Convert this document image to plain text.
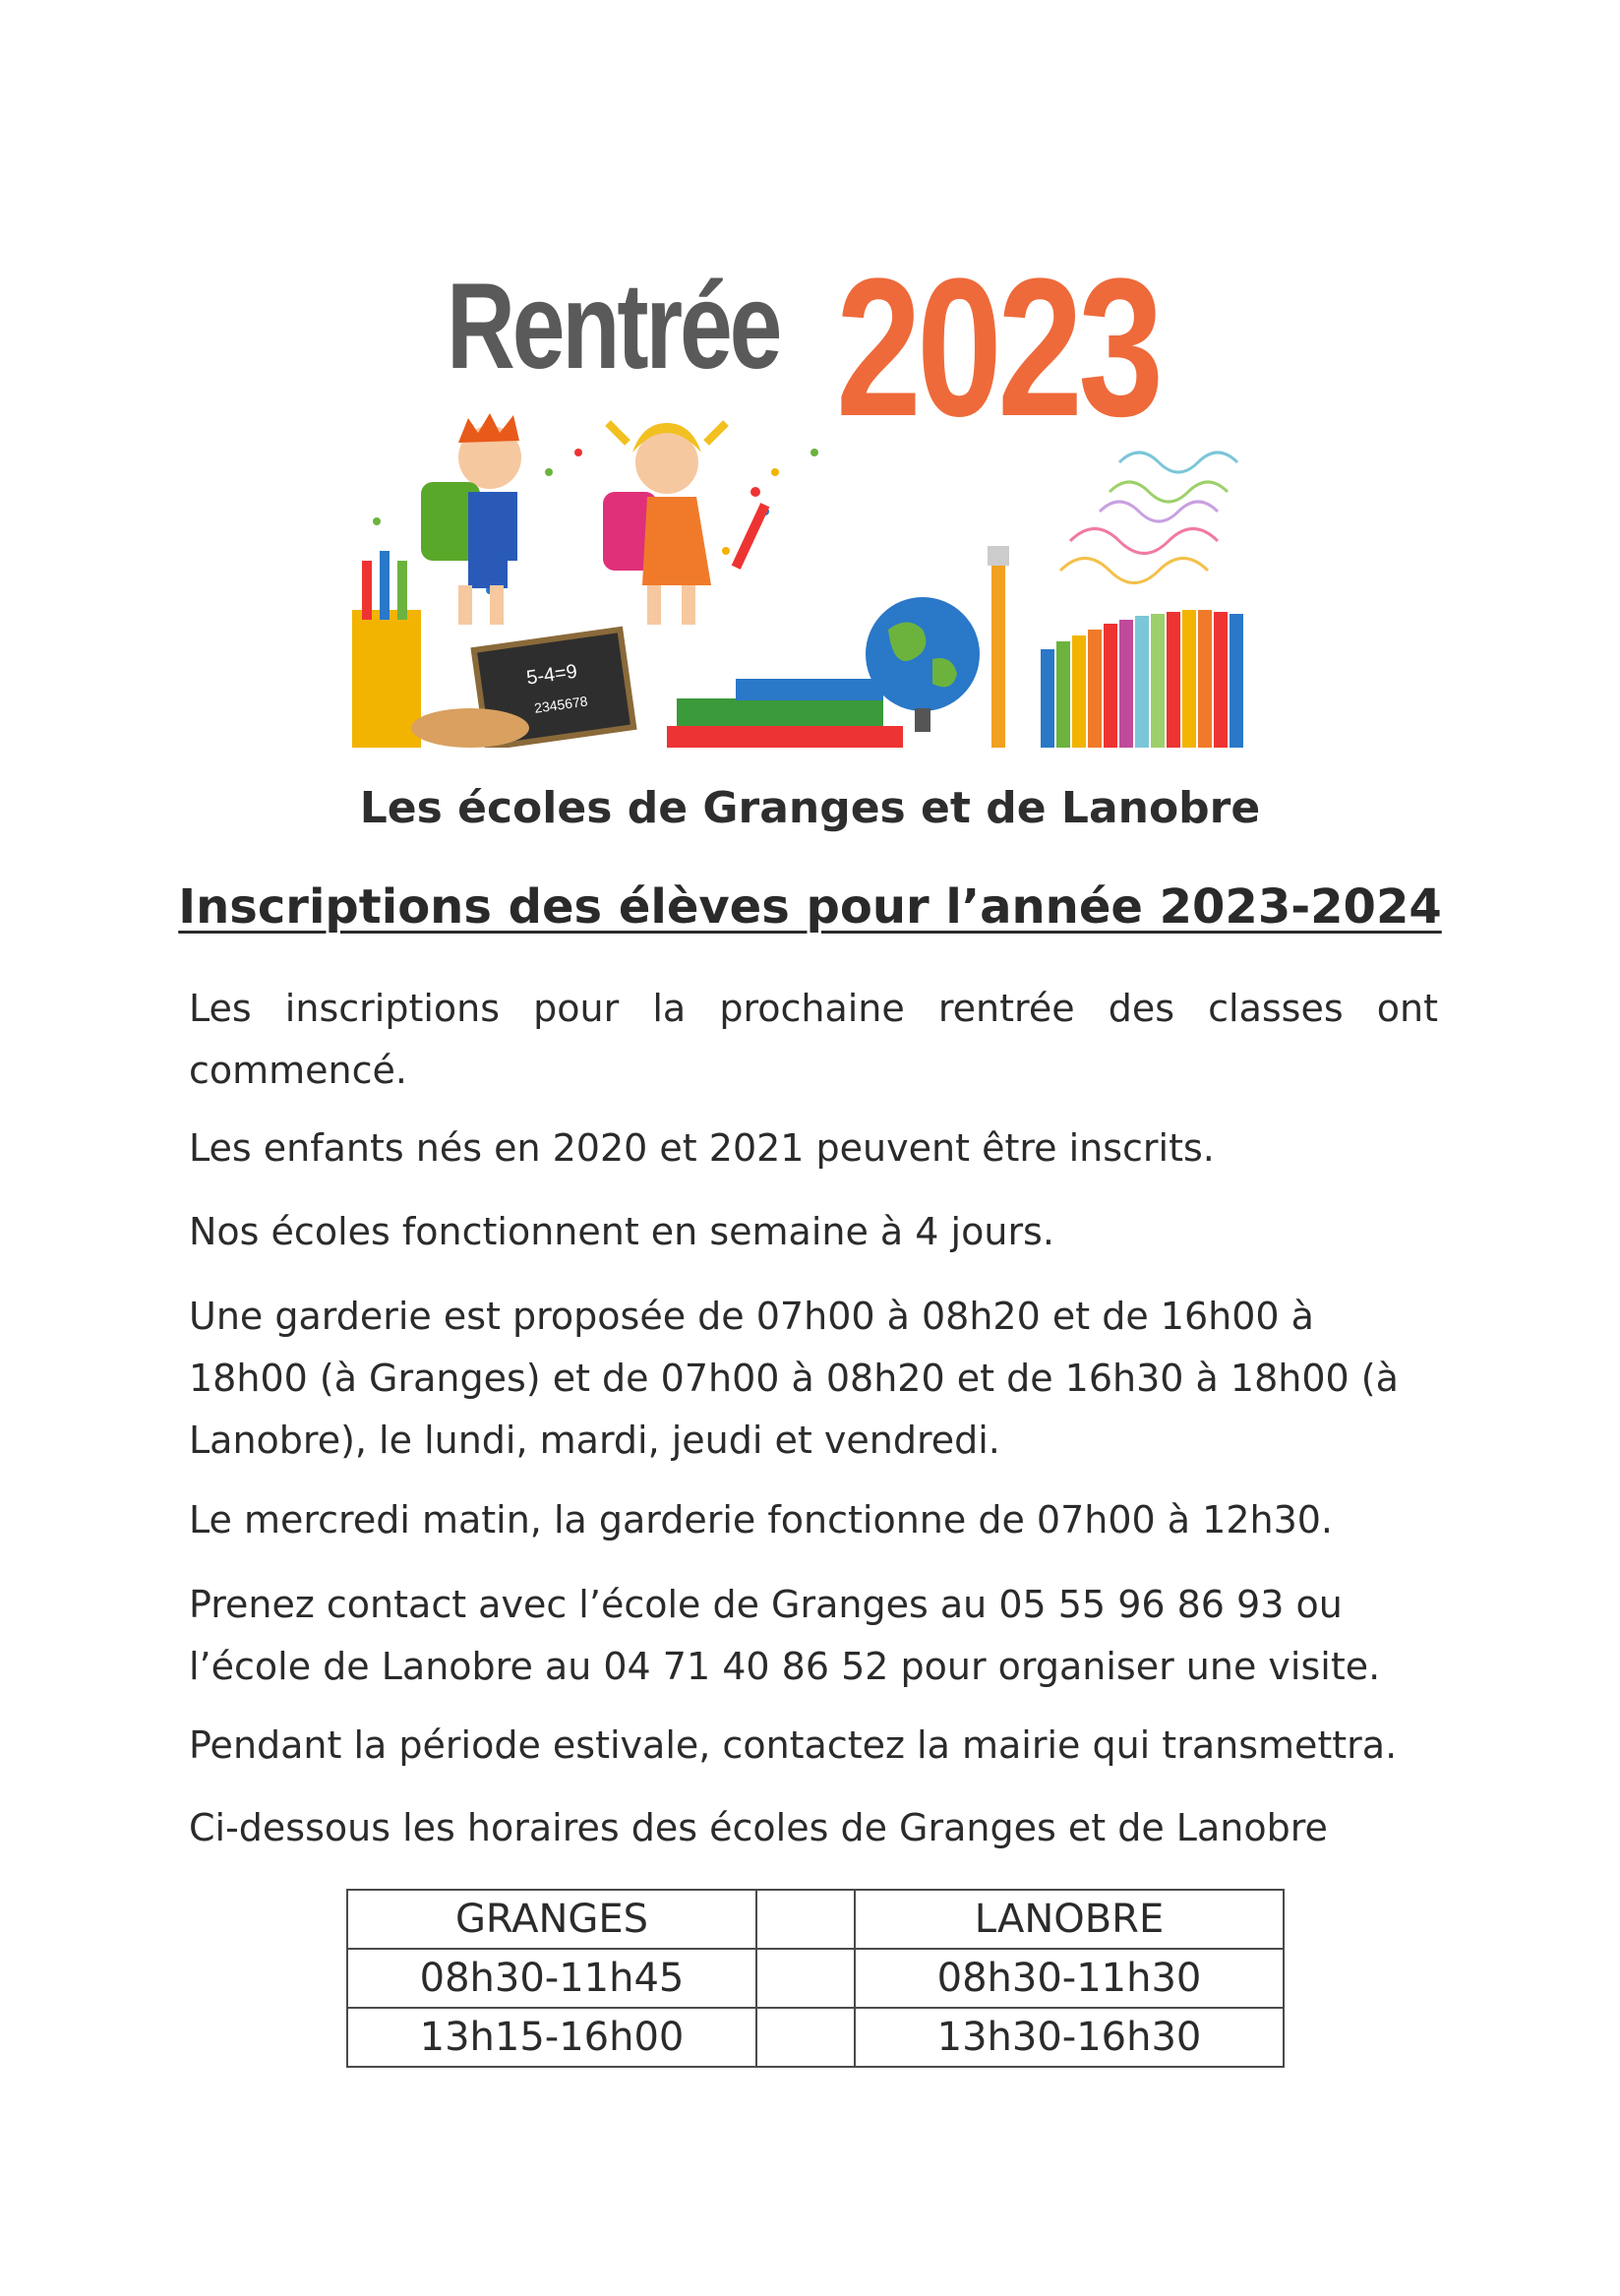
Rentrée 2023
5-4=9
2345678
Les écoles de Granges et de Lanobre
Inscriptions des élèves pour l’année 2023-2024

Les inscriptions pour la prochaine rentrée des classes ont commencé.

Les enfants nés en 2020 et 2021 peuvent être inscrits.

Nos écoles fonctionnent en semaine à 4 jours.

Une garderie est proposée de 07h00 à 08h20 et de 16h00 à 18h00 (à Granges) et de 07h00 à 08h20 et de 16h30 à 18h00 (à Lanobre), le lundi, mardi, jeudi et vendredi.

Le mercredi matin, la garderie fonctionne de 07h00 à 12h30.

Prenez contact avec l’école de Granges au 05 55 96 86 93 ou l’école de Lanobre au 04 71 40 86 52 pour organiser une visite.

Pendant la période estivale, contactez la mairie qui transmettra.

Ci-dessous les horaires des écoles de Granges et de Lanobre

GRANGES		LANOBRE
08h30-11h45		08h30-11h30
13h15-16h00		13h30-16h30
